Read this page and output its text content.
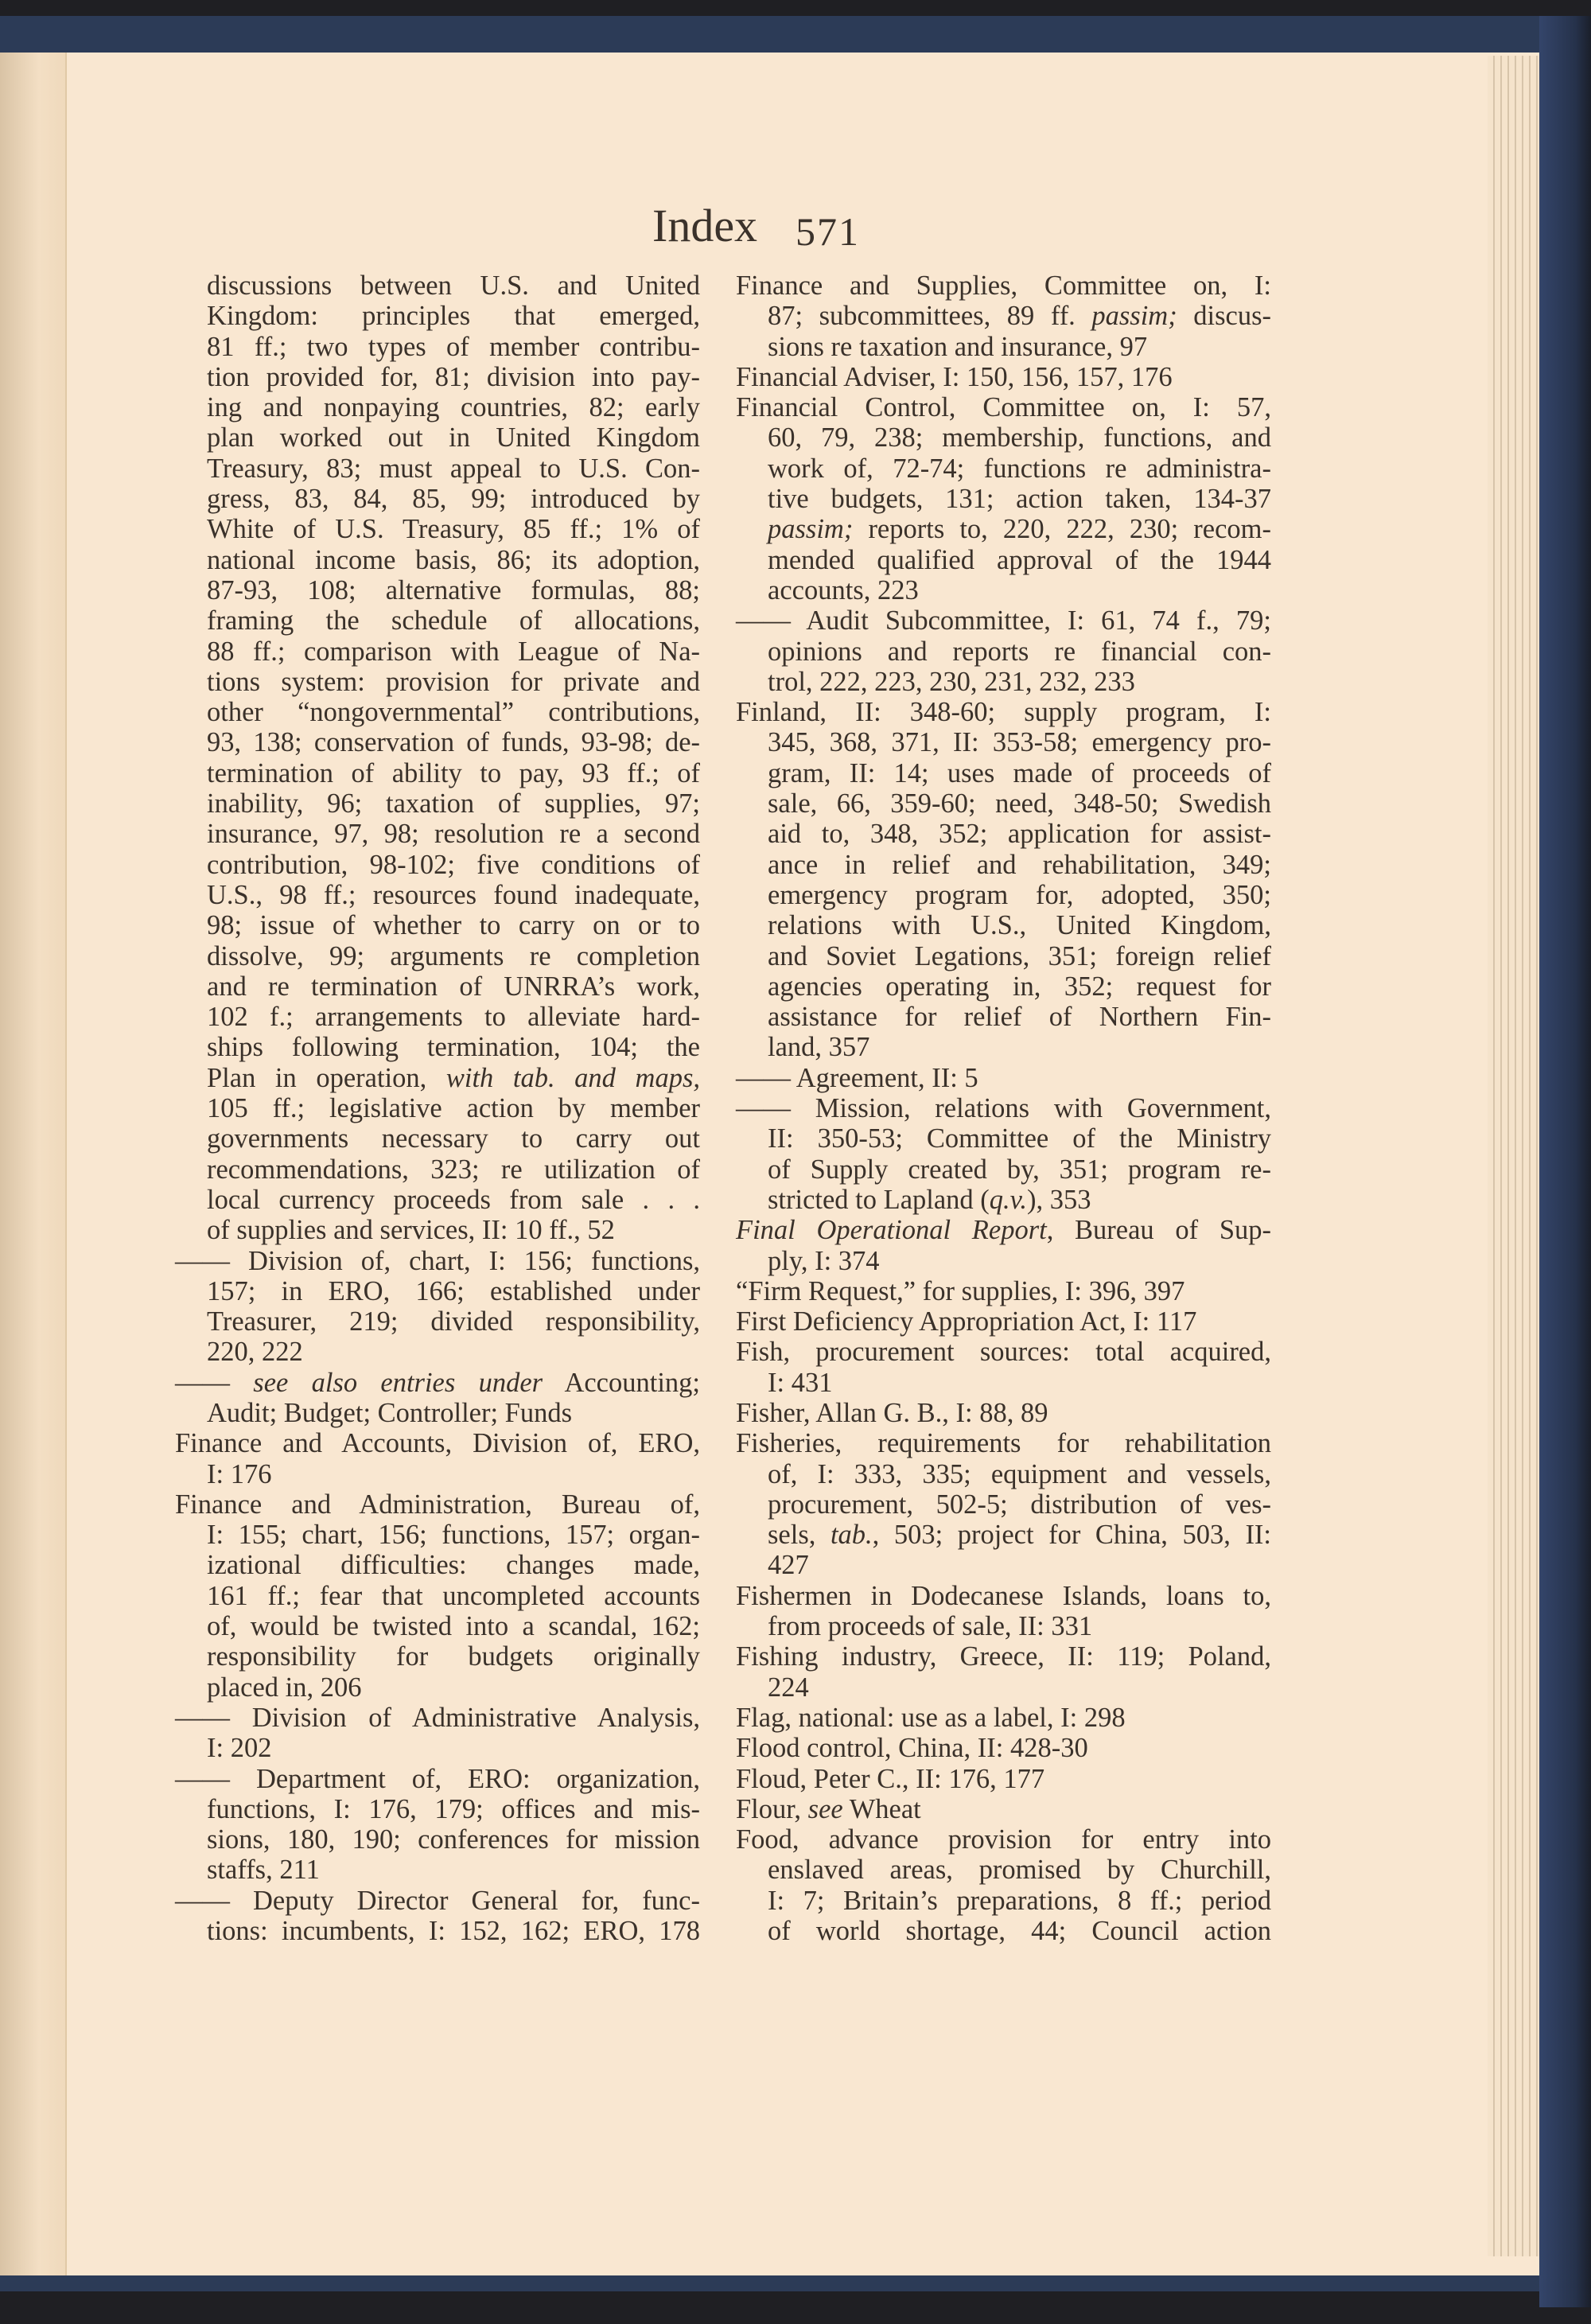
Index 571
discussions between U.S. and United
Kingdom: principles that emerged,
81 ff.; two types of member contribu-
tion provided for, 81; division into pay-
ing and nonpaying countries, 82; early
plan worked out in United Kingdom
Treasury, 83; must appeal to U.S. Con-
gress, 83, 84, 85, 99; introduced by
White of U.S. Treasury, 85 ff.; 1% of
national income basis, 86; its adoption,
87-93, 108; alternative formulas, 88;
framing the schedule of allocations,
88 ff.; comparison with League of Na-
tions system: provision for private and
other “nongovernmental” contributions,
93, 138; conservation of funds, 93-98; de-
termination of ability to pay, 93 ff.; of
inability, 96; taxation of supplies, 97;
insurance, 97, 98; resolution re a second
contribution, 98-102; five conditions of
U.S., 98 ff.; resources found inadequate,
98; issue of whether to carry on or to
dissolve, 99; arguments re completion
and re termination of UNRRA’s work,
102 f.; arrangements to alleviate hard-
ships following termination, 104; the
Plan in operation, with tab. and maps,
105 ff.; legislative action by member
governments necessary to carry out
recommendations, 323; re utilization of
local currency proceeds from sale . . .
of supplies and services, II: 10 ff., 52
—— Division of, chart, I: 156; functions,
157; in ERO, 166; established under
Treasurer, 219; divided responsibility,
220, 222
—— see also entries under Accounting;
Audit; Budget; Controller; Funds
Finance and Accounts, Division of, ERO,
I: 176
Finance and Administration, Bureau of,
I: 155; chart, 156; functions, 157; organ-
izational difficulties: changes made,
161 ff.; fear that uncompleted accounts
of, would be twisted into a scandal, 162;
responsibility for budgets originally
placed in, 206
—— Division of Administrative Analysis,
I: 202
—— Department of, ERO: organization,
functions, I: 176, 179; offices and mis-
sions, 180, 190; conferences for mission
staffs, 211
—— Deputy Director General for, func-
tions: incumbents, I: 152, 162; ERO, 178
Finance and Supplies, Committee on, I:
87; subcommittees, 89 ff. passim; discus-
sions re taxation and insurance, 97
Financial Adviser, I: 150, 156, 157, 176
Financial Control, Committee on, I: 57,
60, 79, 238; membership, functions, and
work of, 72-74; functions re administra-
tive budgets, 131; action taken, 134-37
passim; reports to, 220, 222, 230; recom-
mended qualified approval of the 1944
accounts, 223
—— Audit Subcommittee, I: 61, 74 f., 79;
opinions and reports re financial con-
trol, 222, 223, 230, 231, 232, 233
Finland, II: 348-60; supply program, I:
345, 368, 371, II: 353-58; emergency pro-
gram, II: 14; uses made of proceeds of
sale, 66, 359-60; need, 348-50; Swedish
aid to, 348, 352; application for assist-
ance in relief and rehabilitation, 349;
emergency program for, adopted, 350;
relations with U.S., United Kingdom,
and Soviet Legations, 351; foreign relief
agencies operating in, 352; request for
assistance for relief of Northern Fin-
land, 357
—— Agreement, II: 5
—— Mission, relations with Government,
II: 350-53; Committee of the Ministry
of Supply created by, 351; program re-
stricted to Lapland (q.v.), 353
Final Operational Report, Bureau of Sup-
ply, I: 374
“Firm Request,” for supplies, I: 396, 397
First Deficiency Appropriation Act, I: 117
Fish, procurement sources: total acquired,
I: 431
Fisher, Allan G. B., I: 88, 89
Fisheries, requirements for rehabilitation
of, I: 333, 335; equipment and vessels,
procurement, 502-5; distribution of ves-
sels, tab., 503; project for China, 503, II:
427
Fishermen in Dodecanese Islands, loans to,
from proceeds of sale, II: 331
Fishing industry, Greece, II: 119; Poland,
224
Flag, national: use as a label, I: 298
Flood control, China, II: 428-30
Floud, Peter C., II: 176, 177
Flour, see Wheat
Food, advance provision for entry into
enslaved areas, promised by Churchill,
I: 7; Britain’s preparations, 8 ff.; period
of world shortage, 44; Council action
